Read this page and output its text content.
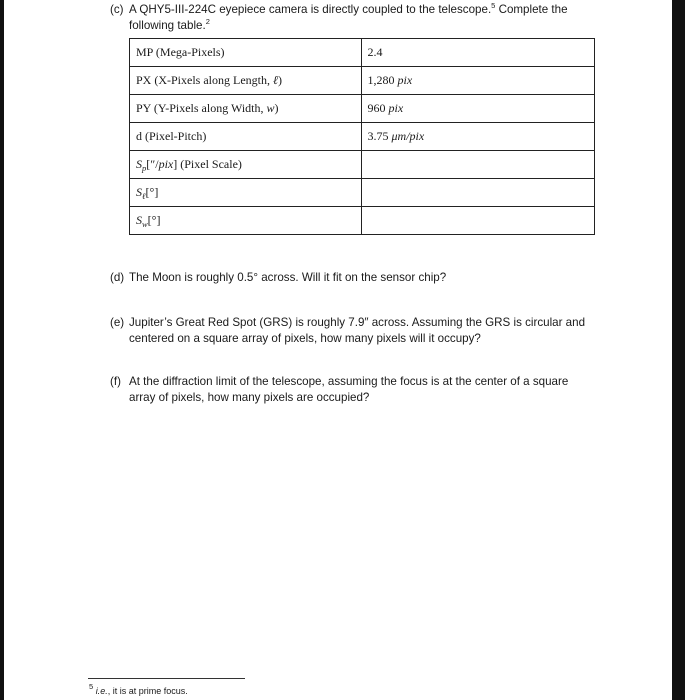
(c) A QHY5-III-224C eyepiece camera is directly coupled to the telescope.$^5$ Complete the
following table.$^2$
MP (Mega-Pixels)	2.4
PX (X-Pixels along Length, ℓ)	1,280 pix
PY (Y-Pixels along Width, w)	960 pix
d (Pixel-Pitch)	3.75 μm/pix
$S_p[''/pix]$ (Pixel Scale)	
$S_\ell[^\circ]$	
$S_w[^\circ]$	
(d) The Moon is roughly 0.5° across. Will it fit on the sensor chip?
(e) Jupiter’s Great Red Spot (GRS) is roughly 7.9″ across. Assuming the GRS is circular and
centered on a square array of pixels, how many pixels will it occupy?
(f) At the diffraction limit of the telescope, assuming the focus is at the center of a square
array of pixels, how many pixels are occupied?
$^5$ i.e., it is at prime focus.
